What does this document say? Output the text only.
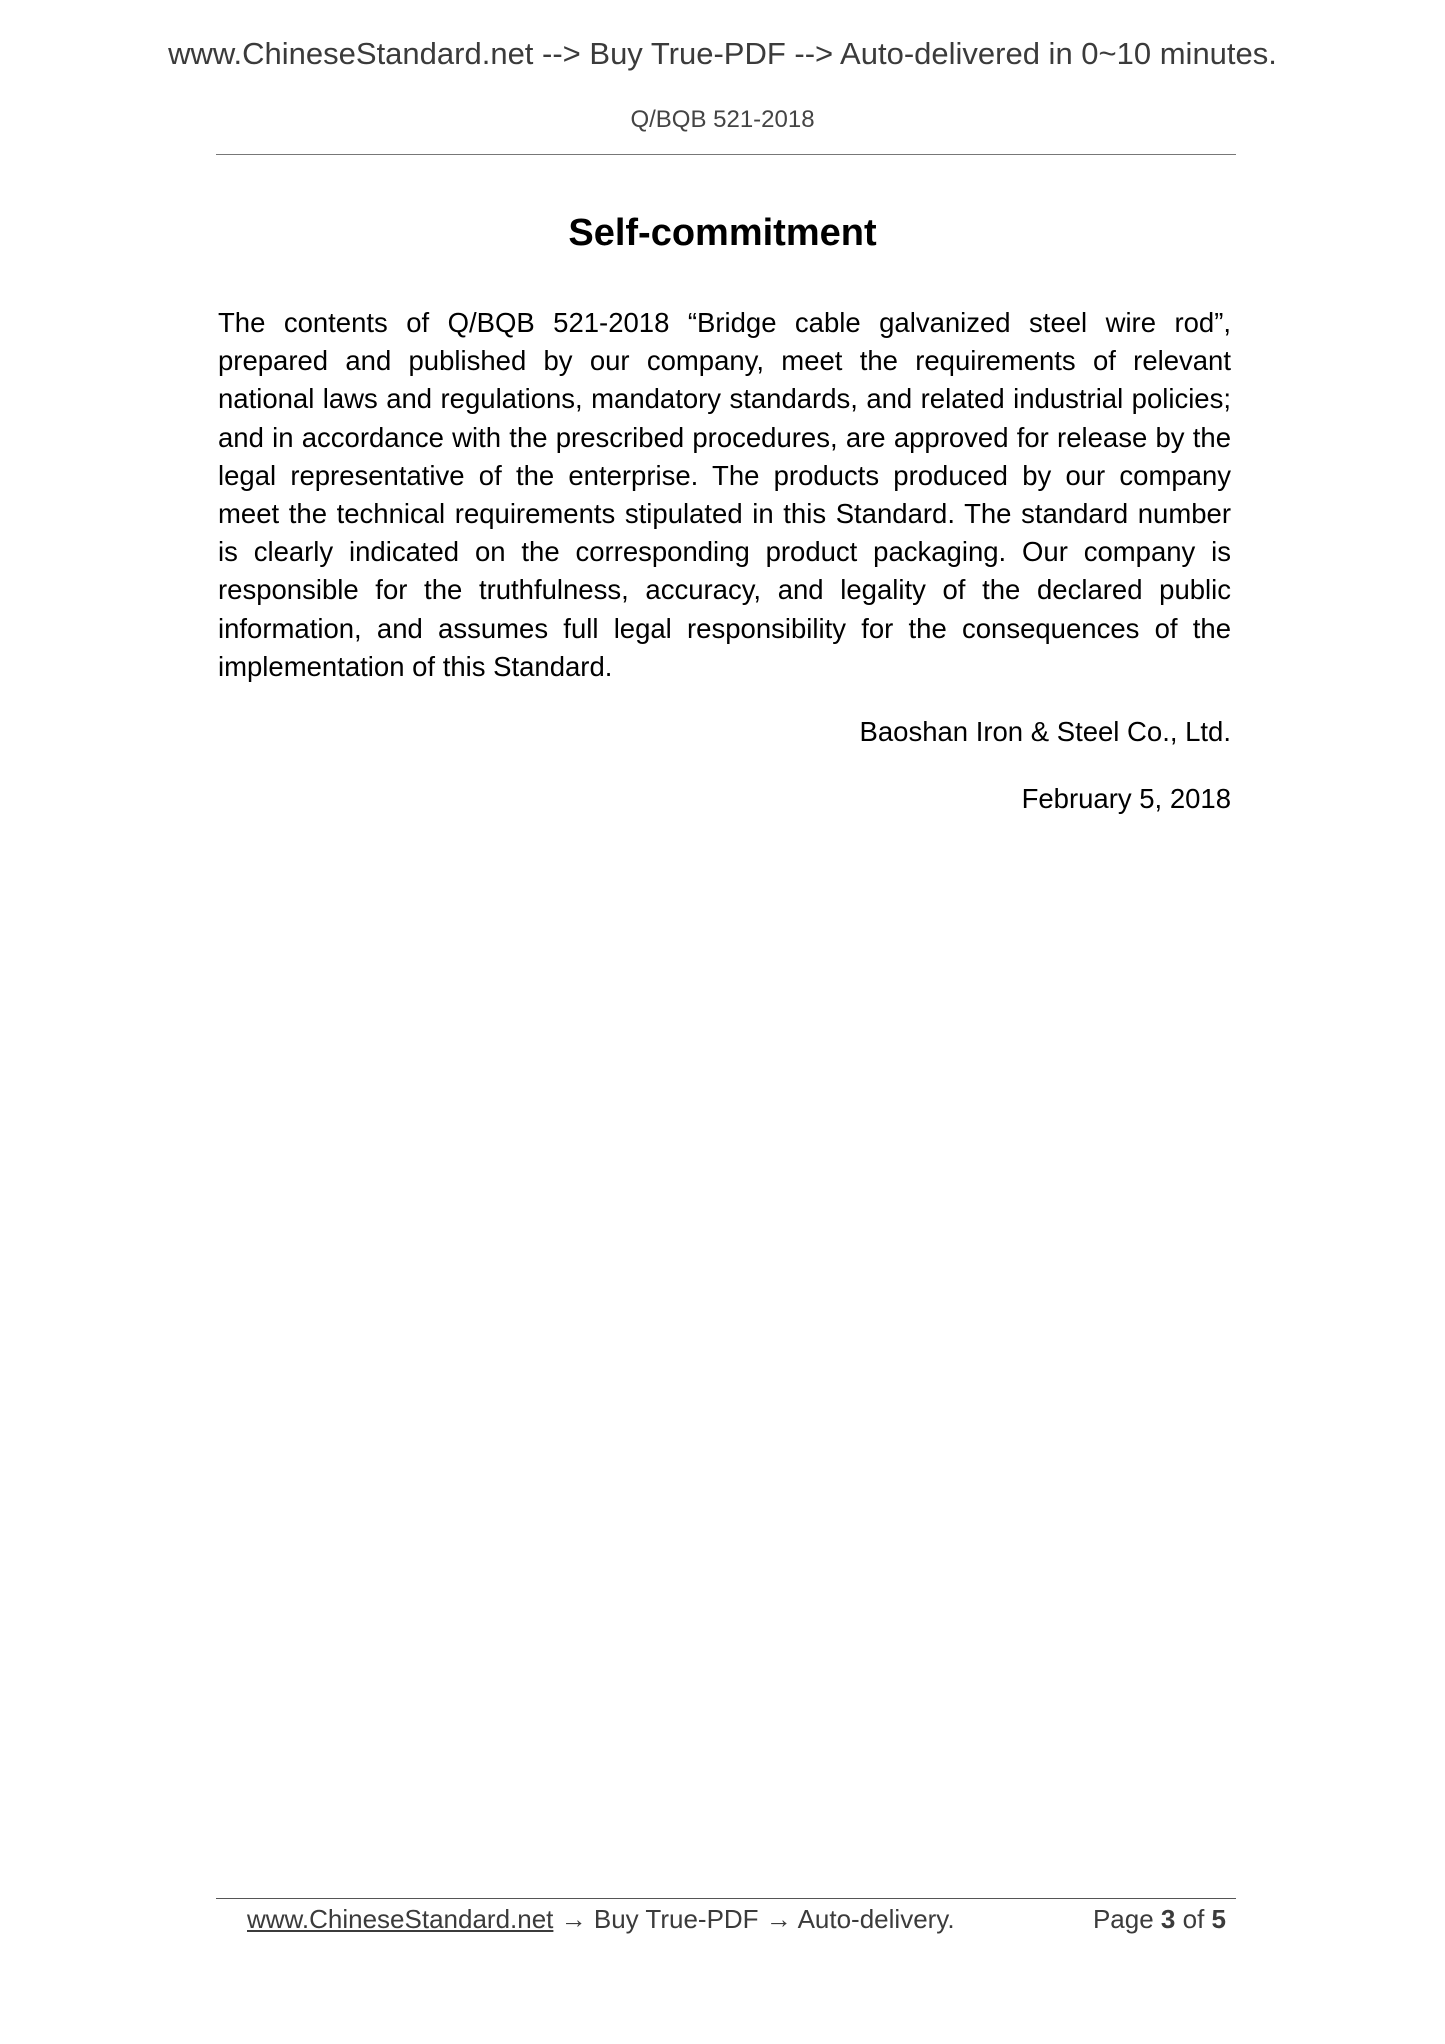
www.ChineseStandard.net --> Buy True-PDF --> Auto-delivered in 0~10 minutes.
Q/BQB 521-2018
Self-commitment

The contents of Q/BQB 521-2018 “Bridge cable galvanized steel wire rod”, prepared and published by our company, meet the requirements of relevant national laws and regulations, mandatory standards, and related industrial policies; and in accordance with the prescribed procedures, are approved for release by the legal representative of the enterprise. The products produced by our company meet the technical requirements stipulated in this Standard. The standard number is clearly indicated on the corresponding product packaging. Our company is responsible for the truthfulness, accuracy, and legality of the declared public information, and assumes full legal responsibility for the consequences of the implementation of this Standard.

Baoshan Iron & Steel Co., Ltd.
February 5, 2018
www.ChineseStandard.net → Buy True-PDF → Auto-delivery.	Page 3 of 5
